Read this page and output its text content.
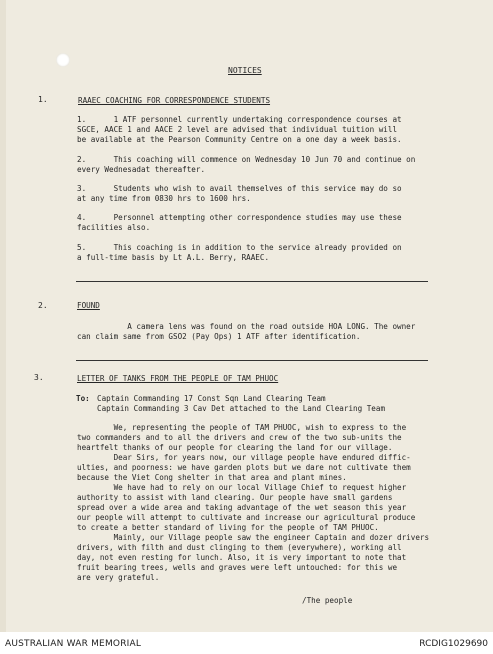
NOTICES
1.	RAAEC COACHING FOR CORRESPONDENCE STUDENTS
1.      1 ATF personnel currently undertaking correspondence courses at
SGCE, AACE 1 and AACE 2 level are advised that individual tuition will
be available at the Pearson Community Centre on a one day a week basis.
2.      This coaching will commence on Wednesday 10 Jun 70 and continue on
every Wednesadat thereafter.
3.      Students who wish to avail themselves of this service may do so
at any time from 0830 hrs to 1600 hrs.
4.      Personnel attempting other correspondence studies may use these
facilities also.
5.      This coaching is in addition to the service already provided on
a full-time basis by Lt A.L. Berry, RAAEC.
2.	FOUND
A camera lens was found on the road outside HOA LONG. The owner
can claim same from GSO2 (Pay Ops) 1 ATF after identification.
3.	LETTER OF TANKS FROM THE PEOPLE OF TAM PHUOC
To: Captain Commanding 17 Const Sqn Land Clearing Team
Captain Commanding 3 Cav Det attached to the Land Clearing Team
We, representing the people of TAM PHUOC, wish to express to the
two commanders and to all the drivers and crew of the two sub-units the
heartfelt thanks of our people for clearing the land for our village.
Dear Sirs, for years now, our village people have endured diffic-
ulties, and poorness: we have garden plots but we dare not cultivate them
because the Viet Cong shelter in that area and plant mines.
We have had to rely on our local Village Chief to request higher
authority to assist with land clearing. Our people have small gardens
spread over a wide area and taking advantage of the wet season this year
our people will attempt to cultivate and increase our agricultural produce
to create a better standard of living for the people of TAM PHUOC.
Mainly, our Village people saw the engineer Captain and dozer drivers
drivers, with filth and dust clinging to them (everywhere), working all
day, not even resting for lunch. Also, it is very important to note that
fruit bearing trees, wells and graves were left untouched: for this we
are very grateful.
/The people
AUSTRALIAN WAR MEMORIAL	RCDIG1029690
